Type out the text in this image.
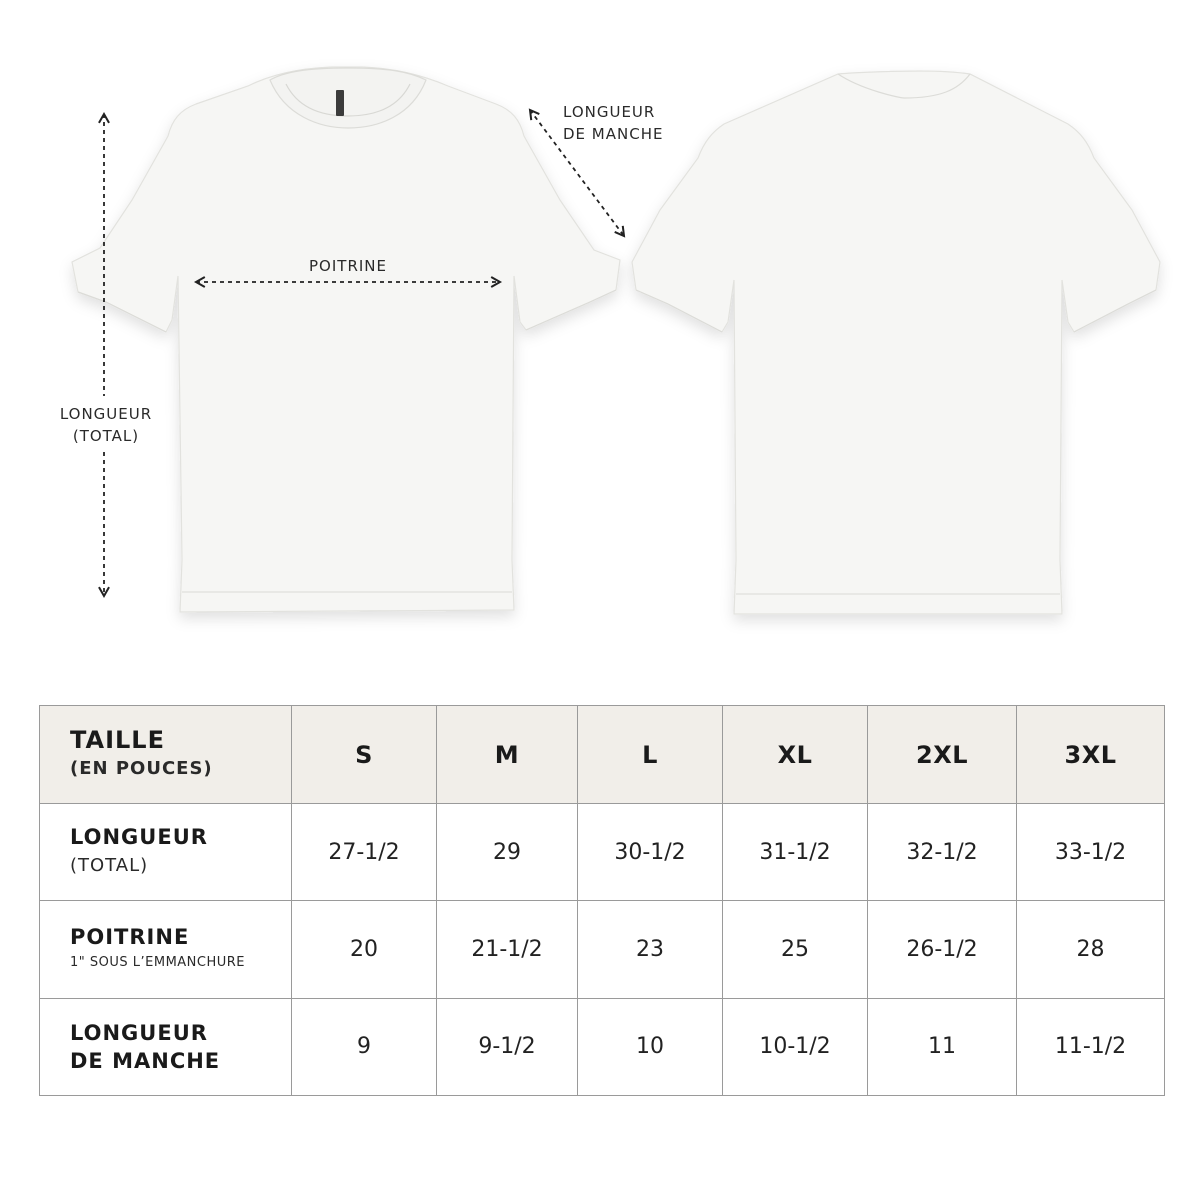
LONGUEUR
(TOTAL)
POITRINE
LONGUEUR
DE MANCHE
TAILLE
(EN POUCES)	S	M	L	XL	2XL	3XL

LONGUEUR
(TOTAL)	27-1/2	29	30-1/2	31-1/2	32-1/2	33-1/2

POITRINE
1" SOUS L’EMMANCHURE	20	21-1/2	23	25	26-1/2	28

LONGUEUR
DE MANCHE	9	9-1/2	10	10-1/2	11	11-1/2
